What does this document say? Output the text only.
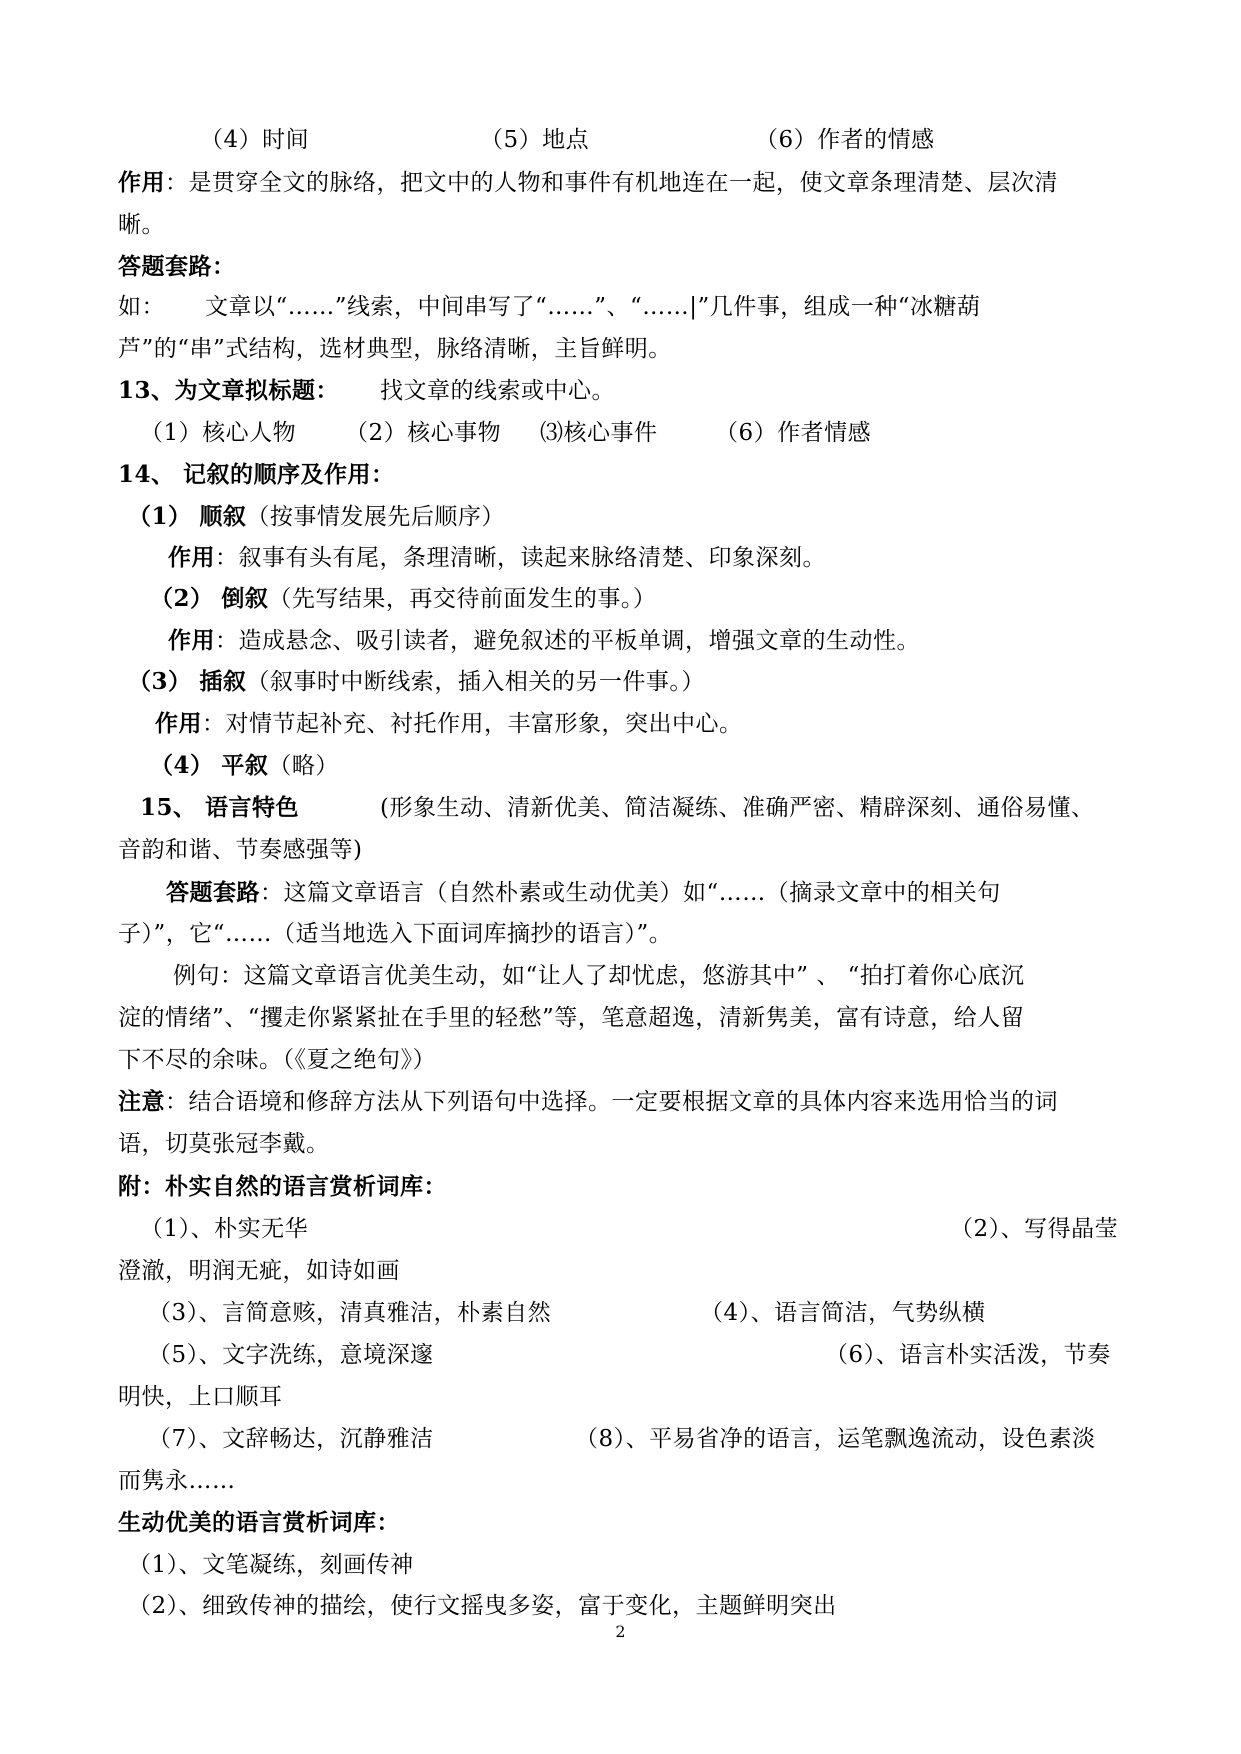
（4）时间	（5）地点	（6）作者的情感
作用：是贯穿全文的脉络，把文中的人物和事件有机地连在一起，使文章条理清楚、层次清
晰。
答题套路：
如： 文章以“……”线索，中间串写了“……”、“……|”几件事，组成一种“冰糖葫
芦”的“串”式结构，选材典型，脉络清晰，主旨鲜明。
13、为文章拟标题： 找文章的线索或中心。
（1）核心人物 （2）核心事物 ⑶核心事件	（6）作者情感
14、 记叙的顺序及作用：
（1） 顺叙（按事情发展先后顺序）
作用：叙事有头有尾，条理清晰，读起来脉络清楚、印象深刻。
（2） 倒叙（先写结果，再交待前面发生的事。）
作用：造成悬念、吸引读者，避免叙述的平板单调，增强文章的生动性。
（3） 插叙（叙事时中断线索，插入相关的另一件事。）
作用：对情节起补充、衬托作用，丰富形象，突出中心。
（4） 平叙（略）
15、 语言特色	(形象生动、清新优美、简洁凝练、准确严密、精辟深刻、通俗易懂、
音韵和谐、节奏感强等)
答题套路：这篇文章语言（自然朴素或生动优美）如“……（摘录文章中的相关句
子）”，它“……（适当地选入下面词库摘抄的语言）”。
例句：这篇文章语言优美生动，如“让人了却忧虑，悠游其中” 、 “拍打着你心底沉
淀的情绪”、“攫走你紧紧扯在手里的轻愁”等，笔意超逸，清新隽美，富有诗意，给人留
下不尽的余味。（《夏之绝句》）
注意：结合语境和修辞方法从下列语句中选择。一定要根据文章的具体内容来选用恰当的词
语，切莫张冠李戴。
附：朴实自然的语言赏析词库：
（1）、朴实无华	（2）、写得晶莹
澄澈，明润无疵，如诗如画
（3）、言简意赅，清真雅洁，朴素自然	（4）、语言简洁，气势纵横
（5）、文字洗练，意境深邃	（6）、语言朴实活泼，节奏
明快，上口顺耳
（7）、文辞畅达，沉静雅洁	（8）、平易省净的语言，运笔飘逸流动，设色素淡
而隽永……
生动优美的语言赏析词库：
（1）、文笔凝练，刻画传神
（2）、细致传神的描绘，使行文摇曳多姿，富于变化，主题鲜明突出
2
